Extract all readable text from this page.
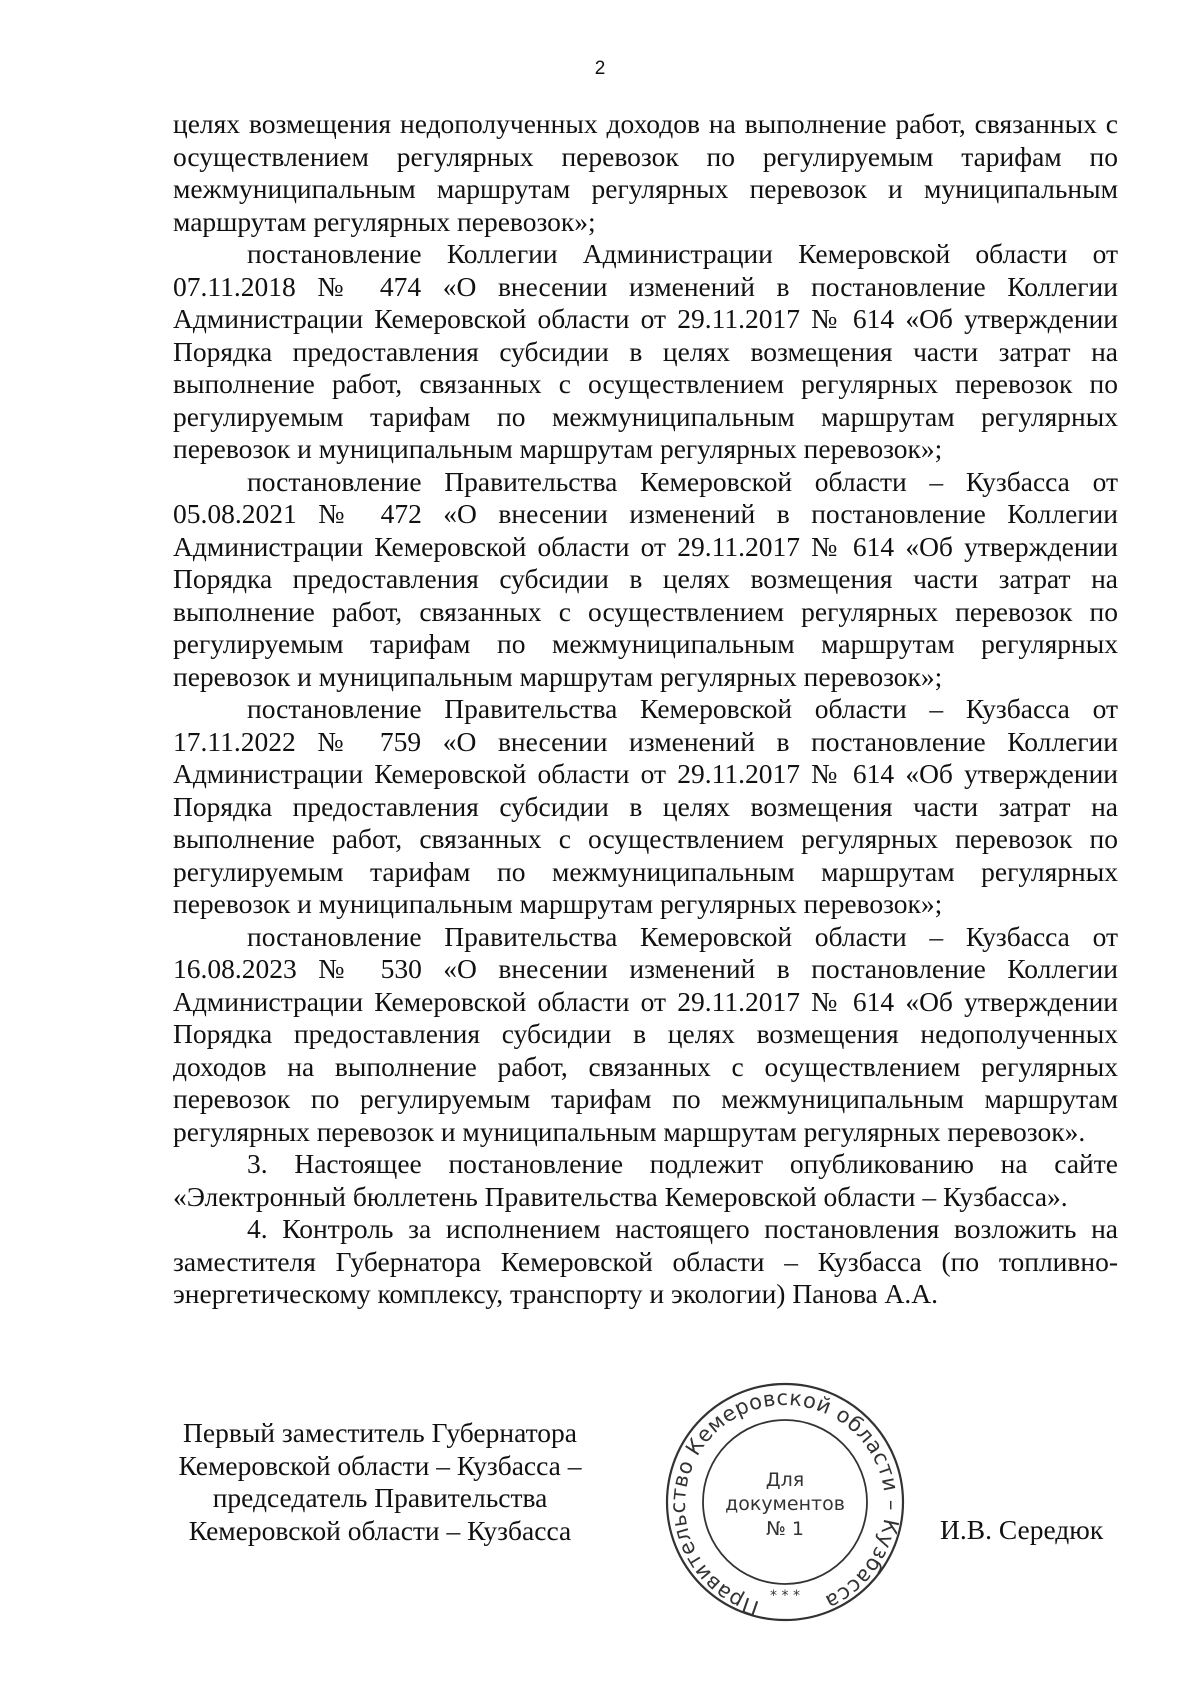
2

целях возмещения недополученных доходов на выполнение работ, связанных с осуществлением регулярных перевозок по регулируемым тарифам по межмуниципальным маршрутам регулярных перевозок и муниципальным маршрутам регулярных перевозок»;

постановление Коллегии Администрации Кемеровской области от 07.11.2018 № 474 «О внесении изменений в постановление Коллегии Администрации Кемеровской области от 29.11.2017 № 614 «Об утверждении Порядка предоставления субсидии в целях возмещения части затрат на выполнение работ, связанных с осуществлением регулярных перевозок по регулируемым тарифам по межмуниципальным маршрутам регулярных перевозок и муниципальным маршрутам регулярных перевозок»;

постановление Правительства Кемеровской области – Кузбасса от 05.08.2021 № 472 «О внесении изменений в постановление Коллегии Администрации Кемеровской области от 29.11.2017 № 614 «Об утверждении Порядка предоставления субсидии в целях возмещения части затрат на выполнение работ, связанных с осуществлением регулярных перевозок по регулируемым тарифам по межмуниципальным маршрутам регулярных перевозок и муниципальным маршрутам регулярных перевозок»;

постановление Правительства Кемеровской области – Кузбасса от 17.11.2022 № 759 «О внесении изменений в постановление Коллегии Администрации Кемеровской области от 29.11.2017 № 614 «Об утверждении Порядка предоставления субсидии в целях возмещения части затрат на выполнение работ, связанных с осуществлением регулярных перевозок по регулируемым тарифам по межмуниципальным маршрутам регулярных перевозок и муниципальным маршрутам регулярных перевозок»;

постановление Правительства Кемеровской области – Кузбасса от 16.08.2023 № 530 «О внесении изменений в постановление Коллегии Администрации Кемеровской области от 29.11.2017 № 614 «Об утверждении Порядка предоставления субсидии в целях возмещения недополученных доходов на выполнение работ, связанных с осуществлением регулярных перевозок по регулируемым тарифам по межмуниципальным маршрутам регулярных перевозок и муниципальным маршрутам регулярных перевозок».

3. Настоящее постановление подлежит опубликованию на сайте «Электронный бюллетень Правительства Кемеровской области – Кузбасса».

4. Контроль за исполнением настоящего постановления возложить на заместителя Губернатора Кемеровской области – Кузбасса (по топливно-энергетическому комплексу, транспорту и экологии) Панова А.А.

Первый заместитель Губернатора
Кемеровской области – Кузбасса –
председатель Правительства
Кемеровской области – Кузбасса
Правительство Кемеровской области – Кузбасса
Для
документов
№ 1
* * *
И.В. Середюк
